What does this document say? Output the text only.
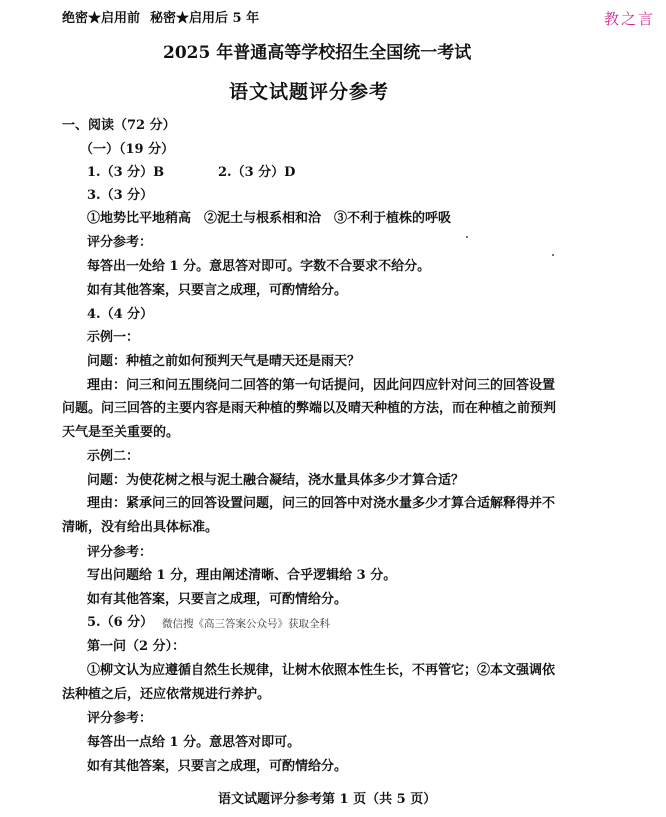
绝密★启用前 秘密★启用后 5 年	教之言
2025 年普通高等学校招生全国统一考试
语文试题评分参考
一、阅读（72 分）
（一）（19 分）
1.（3 分）B	2.（3 分）D
3.（3 分）
①地势比平地稍高　②泥土与根系相和洽　③不利于植株的呼吸
评分参考：
每答出一处给 1 分。意思答对即可。字数不合要求不给分。
如有其他答案，只要言之成理，可酌情给分。
4.（4 分）
示例一：
问题：种植之前如何预判天气是晴天还是雨天？
理由：问三和问五围绕问二回答的第一句话提问，因此问四应针对问三的回答设置
问题。问三回答的主要内容是雨天种植的弊端以及晴天种植的方法，而在种植之前预判
天气是至关重要的。
示例二：
问题：为使花树之根与泥土融合凝结，浇水量具体多少才算合适？
理由：紧承问三的回答设置问题，问三的回答中对浇水量多少才算合适解释得并不
清晰，没有给出具体标准。
评分参考：
写出问题给 1 分，理由阐述清晰、合乎逻辑给 3 分。
如有其他答案，只要言之成理，可酌情给分。
5.（6 分） 微信搜《高三答案公众号》获取全科
第一问（2 分）：
①柳文认为应遵循自然生长规律，让树木依照本性生长，不再管它；②本文强调依
法种植之后，还应依常规进行养护。
评分参考：
每答出一点给 1 分。意思答对即可。
如有其他答案，只要言之成理，可酌情给分。
语文试题评分参考第 1 页（共 5 页）
